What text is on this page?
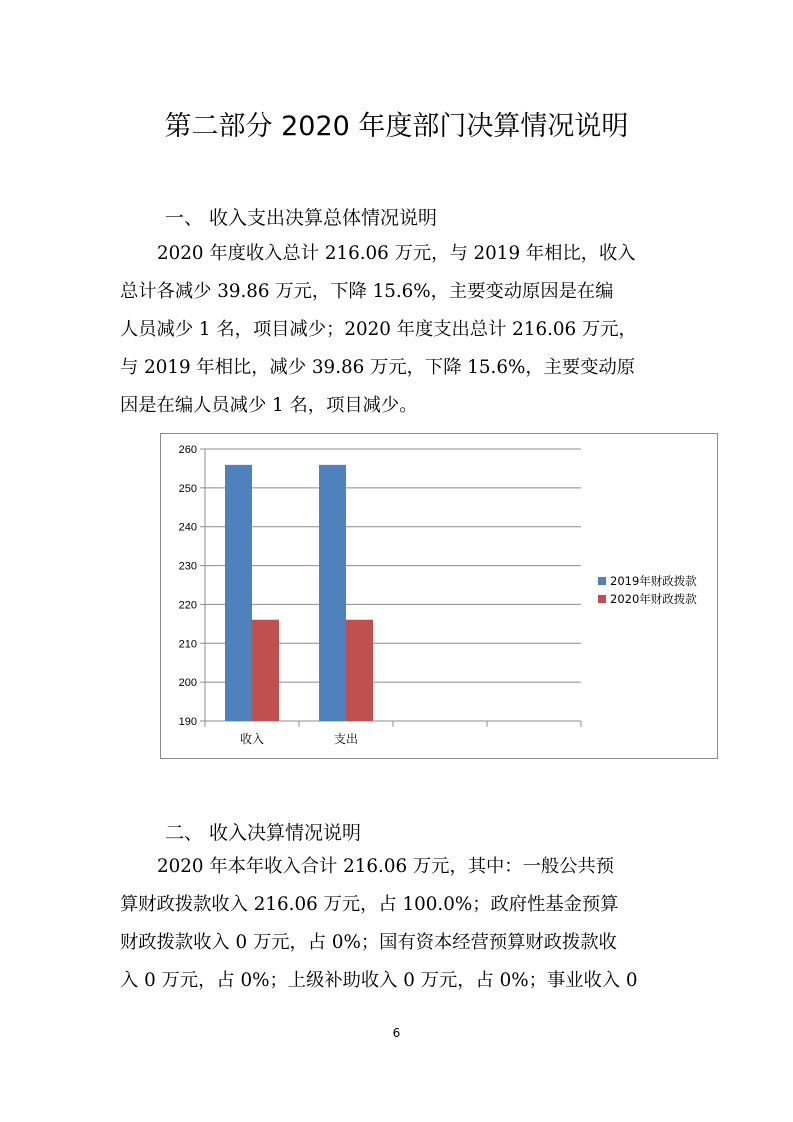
第二部分 2020 年度部门决算情况说明
一、 收入支出决算总体情况说明
2020 年度收入总计 216.06 万元，与 2019 年相比，收入
总计各减少 39.86 万元，下降 15.6%，主要变动原因是在编
人员减少 1 名，项目减少；2020 年度支出总计 216.06 万元，
与 2019 年相比，减少 39.86 万元，下降 15.6%，主要变动原
因是在编人员减少 1 名，项目减少。
190
200
210
220
230
240
250
260
收入	支出
2019年财政拨款
2020年财政拨款
二、 收入决算情况说明
2020 年本年收入合计 216.06 万元，其中：一般公共预
算财政拨款收入 216.06 万元，占 100.0%；政府性基金预算
财政拨款收入 0 万元，占 0%；国有资本经营预算财政拨款收
入 0 万元，占 0%；上级补助收入 0 万元，占 0%；事业收入 0
6
